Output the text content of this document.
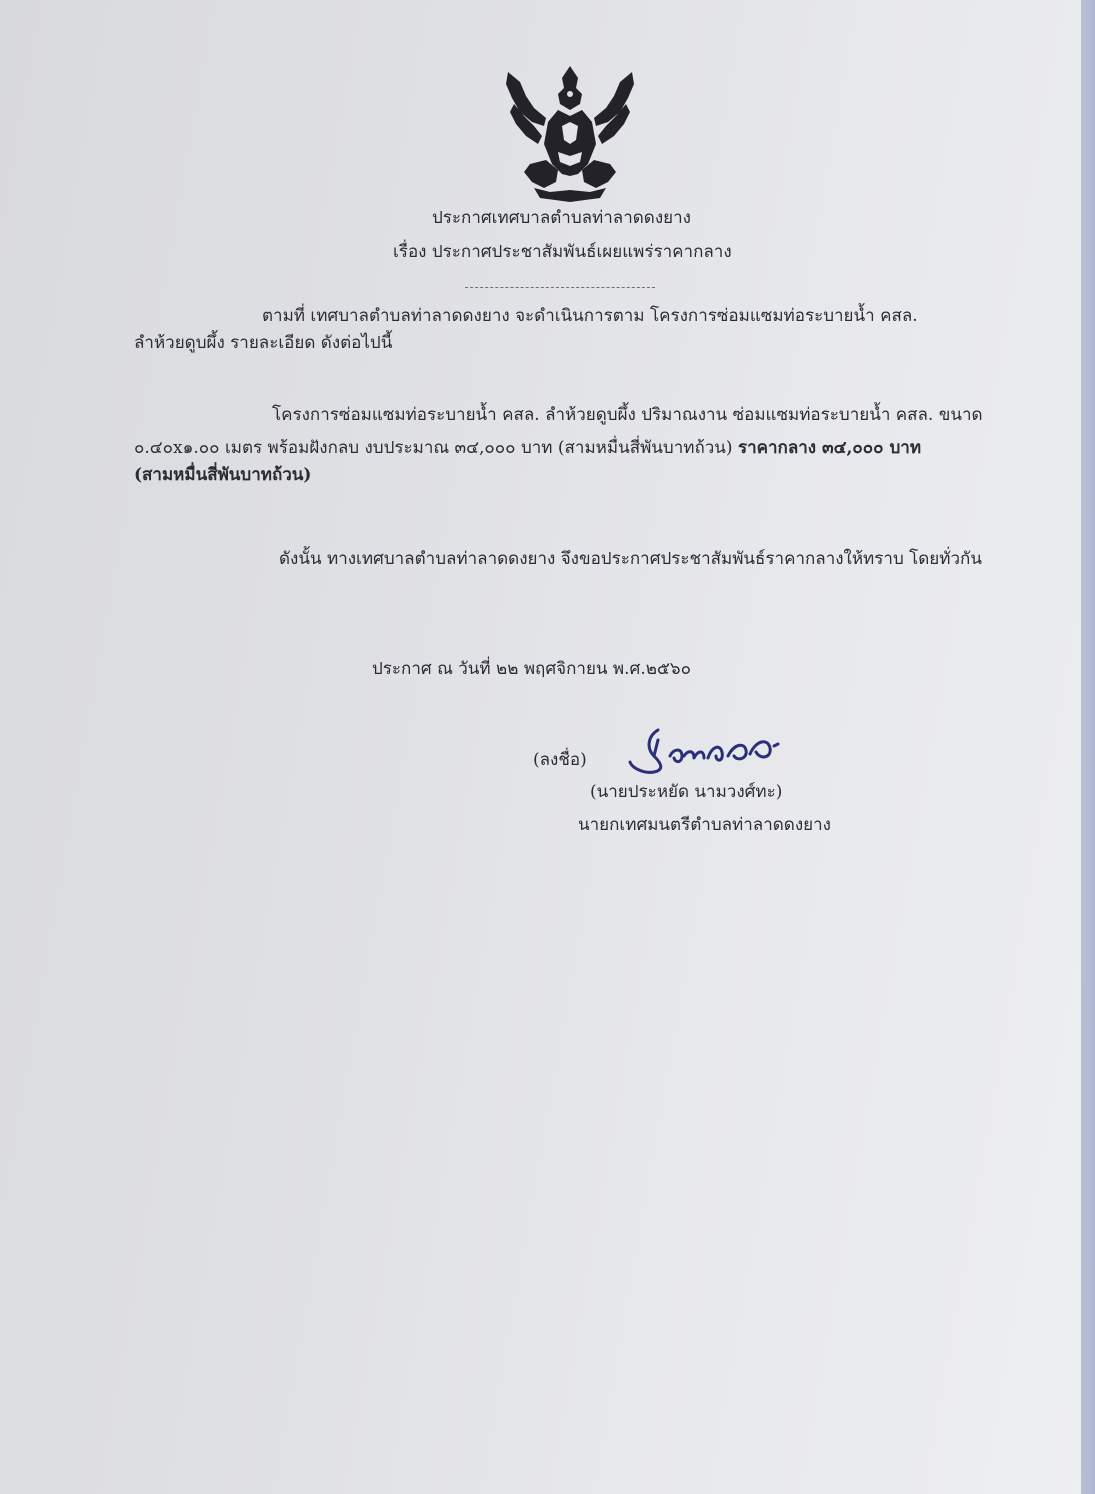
ประกาศเทศบาลตำบลท่าลาดดงยาง
เรื่อง ประกาศประชาสัมพันธ์เผยแพร่ราคากลาง
ตามที่ เทศบาลตำบลท่าลาดดงยาง จะดำเนินการตาม โครงการซ่อมแซมท่อระบายน้ำ คสล.
ลำห้วยดูบผึ้ง รายละเอียด ดังต่อไปนี้
โครงการซ่อมแซมท่อระบายน้ำ คสล. ลำห้วยดูบผึ้ง ปริมาณงาน ซ่อมแซมท่อระบายน้ำ คสล. ขนาด
๐.๔๐x๑.๐๐ เมตร พร้อมฝังกลบ งบประมาณ ๓๔,๐๐๐ บาท (สามหมื่นสี่พันบาทถ้วน) ราคากลาง ๓๔,๐๐๐ บาท
(สามหมื่นสี่พันบาทถ้วน)
ดังนั้น ทางเทศบาลตำบลท่าลาดดงยาง จึงขอประกาศประชาสัมพันธ์ราคากลางให้ทราบ โดยทั่วกัน
ประกาศ ณ วันที่ ๒๒ พฤศจิกายน พ.ศ.๒๕๖๐
(ลงชื่อ)
(นายประหยัด นามวงศ์ทะ)
นายกเทศมนตรีตำบลท่าลาดดงยาง
